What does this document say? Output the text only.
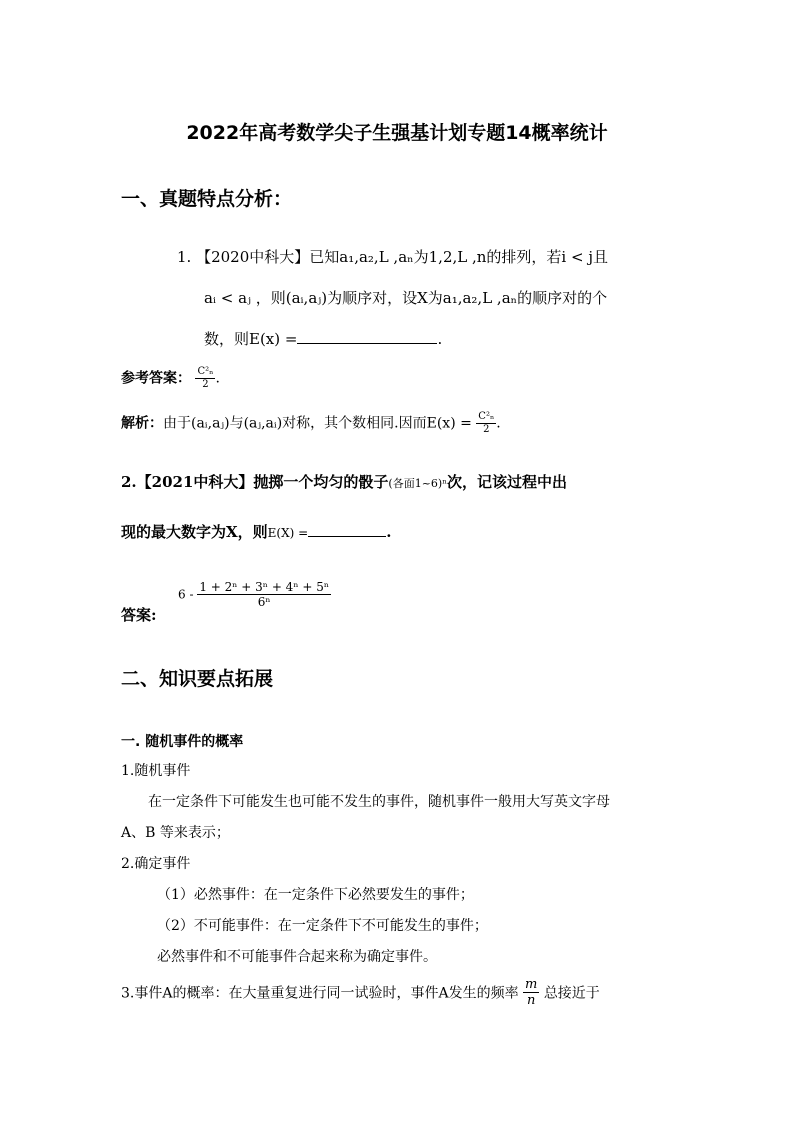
2022年高考数学尖子生强基计划专题14概率统计
一、真题特点分析：
1. 【2020中科大】已知a₁,a₂,L ,aₙ为1,2,L ,n的排列，若i < j且
aᵢ < aⱼ ，则(aᵢ,aⱼ)为顺序对，设X为a₁,a₂,L ,aₙ的顺序对的个
数，则E(x) =	.
参考答案： $\frac{\text{C²ₙ}}{2}$ .
解析：由于(aᵢ,aⱼ)与(aⱼ,aᵢ)对称，其个数相同.因而$E(x) = \frac{\text{C²ₙ}}{2}$ .
2.【2021中科大】抛掷一个均匀的骰子(各面1~6)ⁿ次，记该过程中出
现的最大数字为X，则E(X) =	.
答案:
$6 - \frac{\text{1 + 2ⁿ + 3ⁿ + 4ⁿ + 5ⁿ}}{\text{6ⁿ}}$
二、知识要点拓展
一. 随机事件的概率
1.随机事件
在一定条件下可能发生也可能不发生的事件，随机事件一般用大写英文字母
A、B 等来表示；
2.确定事件
（1）必然事件：在一定条件下必然要发生的事件；
（2）不可能事件：在一定条件下不可能发生的事件；
必然事件和不可能事件合起来称为确定事件。
3.事件A的概率：在大量重复进行同一试验时，事件A发生的频率 $\frac{m}{n}$ 总接近于
